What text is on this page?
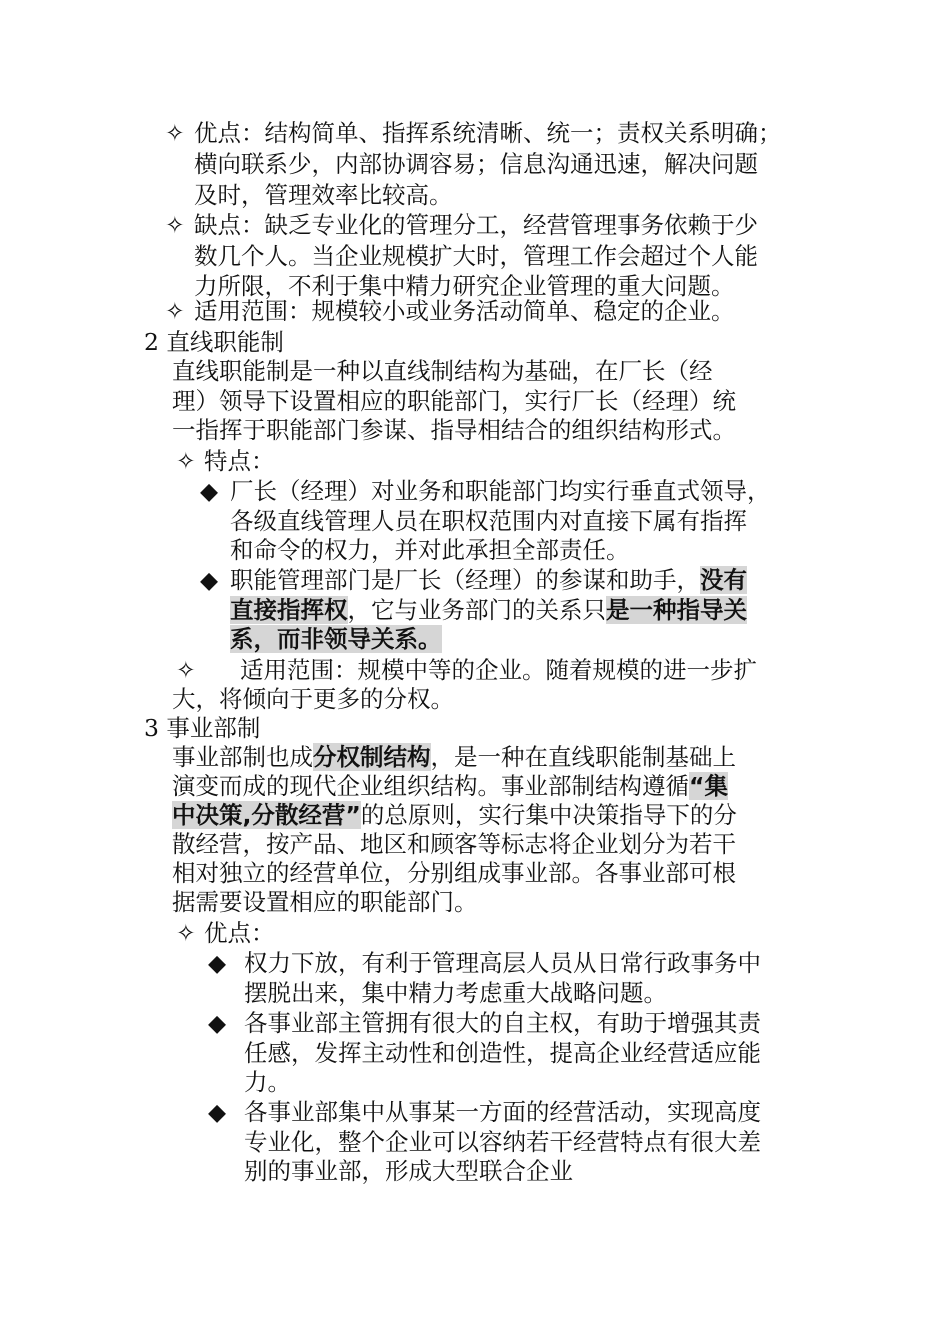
✧ 优点：结构简单、指挥系统清晰、统一；责权关系明确；
横向联系少，内部协调容易；信息沟通迅速，解决问题
及时，管理效率比较高。
✧ 缺点：缺乏专业化的管理分工，经营管理事务依赖于少
数几个人。当企业规模扩大时，管理工作会超过个人能
力所限，不利于集中精力研究企业管理的重大问题。
✧ 适用范围：规模较小或业务活动简单、稳定的企业。
2 直线职能制
直线职能制是一种以直线制结构为基础，在厂长（经
理）领导下设置相应的职能部门，实行厂长（经理）统
一指挥于职能部门参谋、指导相结合的组织结构形式。
✧ 特点：
◆ 厂长（经理）对业务和职能部门均实行垂直式领导，
各级直线管理人员在职权范围内对直接下属有指挥
和命令的权力，并对此承担全部责任。
◆ 职能管理部门是厂长（经理）的参谋和助手，没有
直接指挥权，它与业务部门的关系只是一种指导关
系，而非领导关系。
✧ 适用范围：规模中等的企业。随着规模的进一步扩
大，将倾向于更多的分权。
3 事业部制
事业部制也成分权制结构，是一种在直线职能制基础上
演变而成的现代企业组织结构。事业部制结构遵循“集
中决策,分散经营”的总原则，实行集中决策指导下的分
散经营，按产品、地区和顾客等标志将企业划分为若干
相对独立的经营单位，分别组成事业部。各事业部可根
据需要设置相应的职能部门。
✧ 优点：
◆ 权力下放，有利于管理高层人员从日常行政事务中
摆脱出来，集中精力考虑重大战略问题。
◆ 各事业部主管拥有很大的自主权，有助于增强其责
任感，发挥主动性和创造性，提高企业经营适应能
力。
◆ 各事业部集中从事某一方面的经营活动，实现高度
专业化，整个企业可以容纳若干经营特点有很大差
别的事业部，形成大型联合企业
